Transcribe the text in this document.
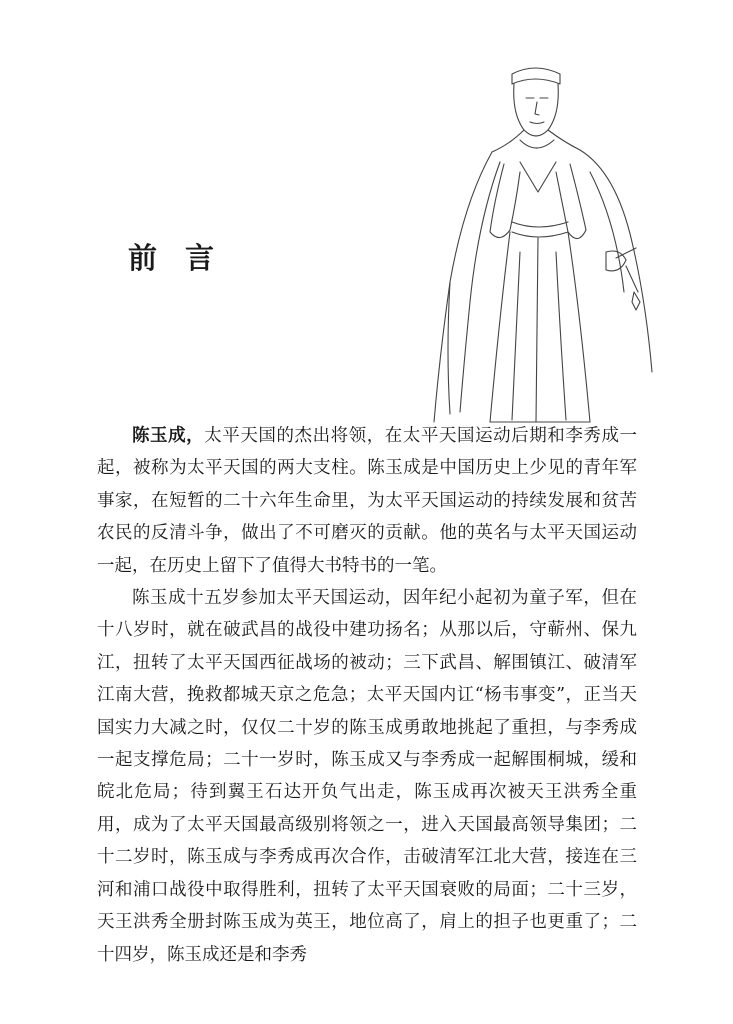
前 言

陈玉成，太平天国的杰出将领，在太平天国运动后期和李秀成一起，被称为太平天国的两大支柱。陈玉成是中国历史上少见的青年军事家，在短暂的二十六年生命里，为太平天国运动的持续发展和贫苦农民的反清斗争，做出了不可磨灭的贡献。他的英名与太平天国运动一起，在历史上留下了值得大书特书的一笔。

陈玉成十五岁参加太平天国运动，因年纪小起初为童子军，但在十八岁时，就在破武昌的战役中建功扬名；从那以后，守蕲州、保九江，扭转了太平天国西征战场的被动；三下武昌、解围镇江、破清军江南大营，挽救都城天京之危急；太平天国内讧“杨韦事变”，正当天国实力大减之时，仅仅二十岁的陈玉成勇敢地挑起了重担，与李秀成一起支撑危局；二十一岁时，陈玉成又与李秀成一起解围桐城，缓和皖北危局；待到翼王石达开负气出走，陈玉成再次被天王洪秀全重用，成为了太平天国最高级别将领之一，进入天国最高领导集团；二十二岁时，陈玉成与李秀成再次合作，击破清军江北大营，接连在三河和浦口战役中取得胜利，扭转了太平天国衰败的局面；二十三岁，天王洪秀全册封陈玉成为英王，地位高了，肩上的担子也更重了；二十四岁，陈玉成还是和李秀
